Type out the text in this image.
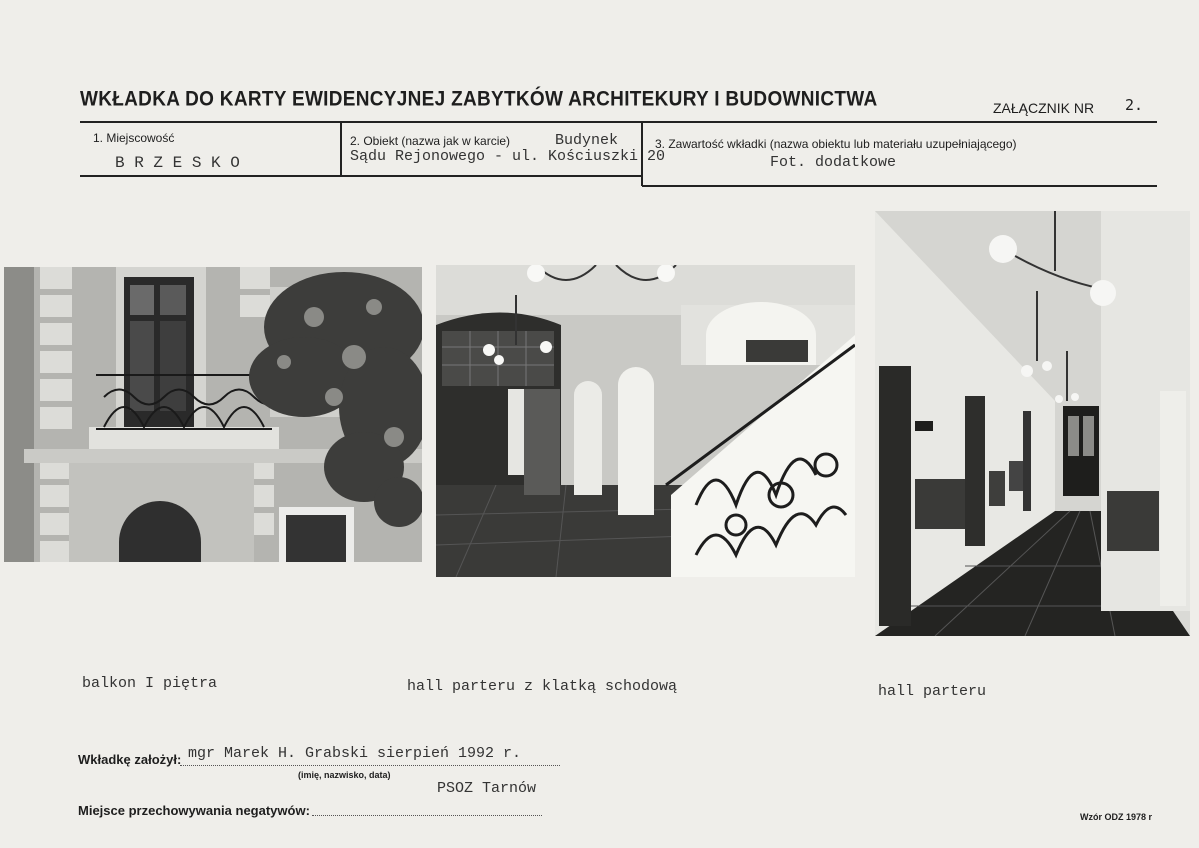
WKŁADKA DO KARTY EWIDENCYJNEJ ZABYTKÓW ARCHITEKURY I BUDOWNICTWA	ZAŁĄCZNIK NR 2.
1. Miejscowość
B R Z E S K O
2. Obiekt (nazwa jak w karcie)	Budynek
Sądu Rejonowego - ul. Kościuszki 20
3. Zawartość wkładki (nazwa obiektu lub materiału uzupełniającego)
Fot. dodatkowe
balkon I piętra	hall parteru z klatką schodową	hall parteru
Wkładkę założył: mgr Marek H. Grabski sierpień 1992 r.
(imię, nazwisko, data)
PSOZ Tarnów
Miejsce przechowywania negatywów:	Wzór ODZ 1978 r
